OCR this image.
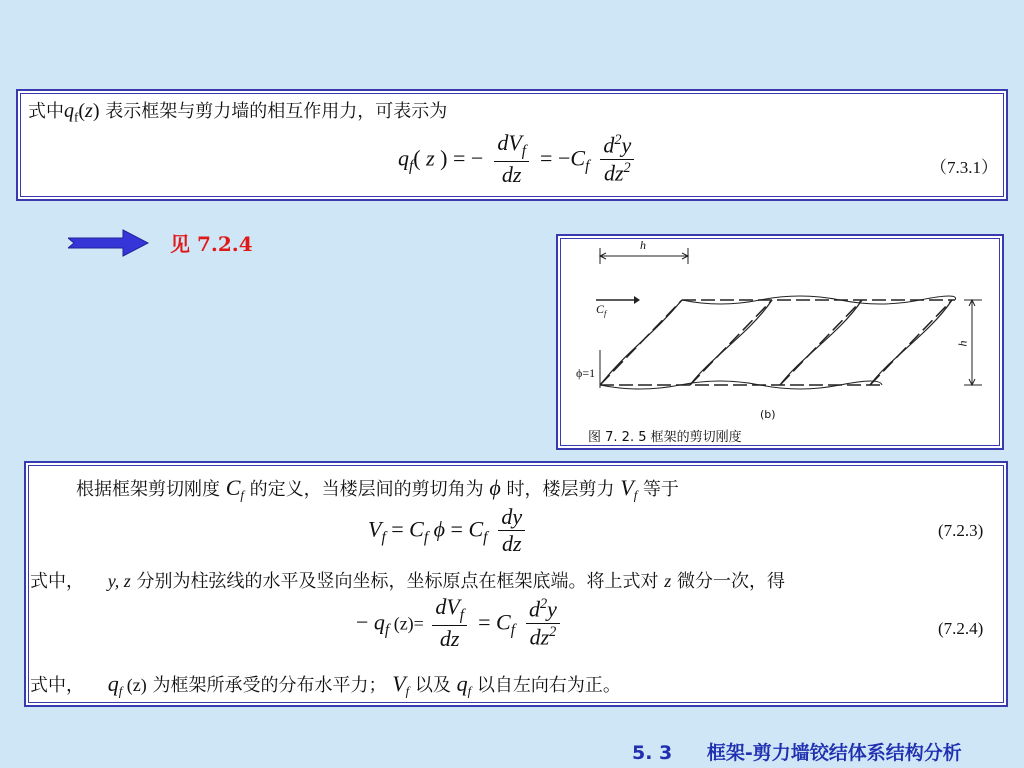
式中$q_f(z)$ 表示框架与剪力墙的相互作用力，可表示为
$q_f$( z ) = − $\frac{dV_f}{dz} = -C_f \frac{d^2y}{dz^2}$	（7.3.1）
见 7.2.4	h
$C_f$
h
ϕ=1
(b)
图 7. 2. 5 框架的剪切刚度
根据框架剪切刚度 $C_f$ 的定义，当楼层间的剪切角为 ϕ 时，楼层剪力 $V_f$ 等于
$V_f = C_f$ $\phi = C_f \frac{dy}{dz}$	(7.2.3)
式中， y, z 分别为柱弦线的水平及竖向坐标，坐标原点在框架底端。将上式对 z 微分一次，得
− $q_f$ $(z)= \frac{dV_f}{dz} = C_f \frac{d^2y}{dz^2}$	(7.2.4)
式中， $q_f$ (z) 为框架所承受的分布水平力； $V_f$ 以及 $q_f$ 以自左向右为正。
5. 3 框架-剪力墙铰结体系结构分析
